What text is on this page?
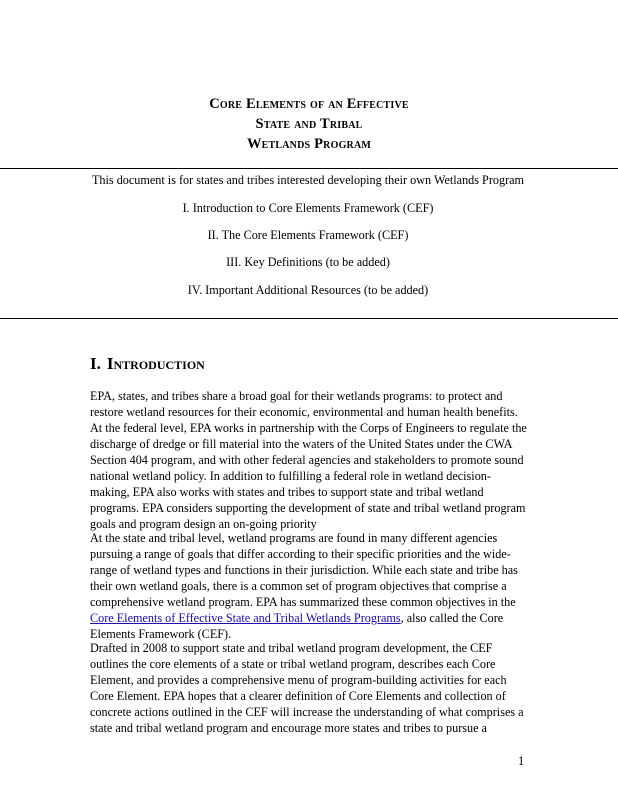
Core Elements of an Effective
State and Tribal
Wetlands Program
This document is for states and tribes interested developing their own Wetlands Program
I. Introduction to Core Elements Framework (CEF)
II. The Core Elements Framework (CEF)
III. Key Definitions (to be added)
IV. Important Additional Resources (to be added)
I. Introduction

EPA, states, and tribes share a broad goal for their wetlands programs: to protect and

restore wetland resources for their economic, environmental and human health benefits.

At the federal level, EPA works in partnership with the Corps of Engineers to regulate the

discharge of dredge or fill material into the waters of the United States under the CWA

Section 404 program, and with other federal agencies and stakeholders to promote sound

national wetland policy. In addition to fulfilling a federal role in wetland decision-

making, EPA also works with states and tribes to support state and tribal wetland

programs. EPA considers supporting the development of state and tribal wetland program

goals and program design an on-going priority

At the state and tribal level, wetland programs are found in many different agencies

pursuing a range of goals that differ according to their specific priorities and the wide-

range of wetland types and functions in their jurisdiction. While each state and tribe has

their own wetland goals, there is a common set of program objectives that comprise a

comprehensive wetland program. EPA has summarized these common objectives in the

Core Elements of Effective State and Tribal Wetlands Programs, also called the Core

Elements Framework (CEF).

Drafted in 2008 to support state and tribal wetland program development, the CEF

outlines the core elements of a state or tribal wetland program, describes each Core

Element, and provides a comprehensive menu of program-building activities for each

Core Element. EPA hopes that a clearer definition of Core Elements and collection of

concrete actions outlined in the CEF will increase the understanding of what comprises a

state and tribal wetland program and encourage more states and tribes to pursue a

1
